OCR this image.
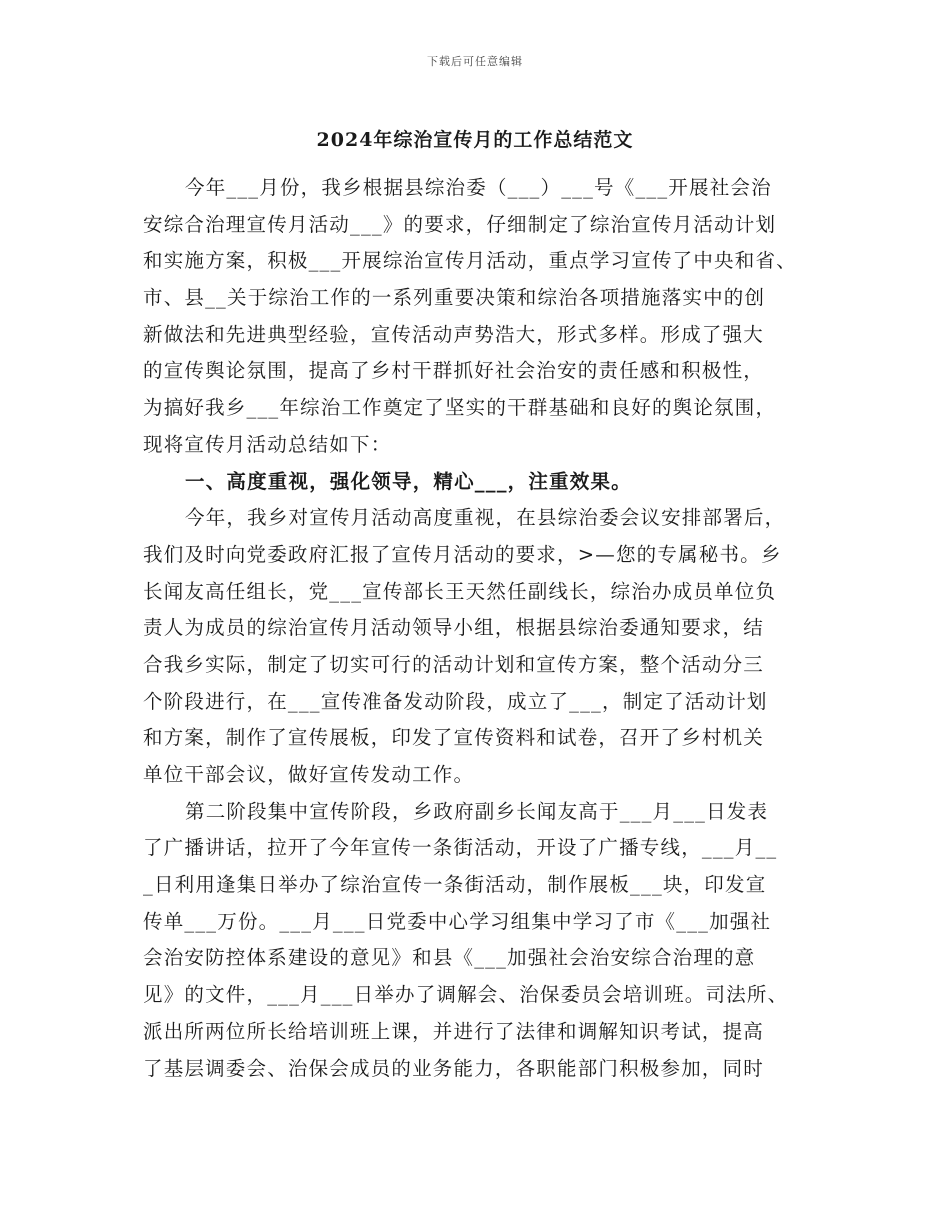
下载后可任意编辑
2024年综治宣传月的工作总结范文
今年___月份，我乡根据县综治委（___）___号《___开展社会治
安综合治理宣传月活动___》的要求，仔细制定了综治宣传月活动计划
和实施方案，积极___开展综治宣传月活动，重点学习宣传了中央和省、
市、县__关于综治工作的一系列重要决策和综治各项措施落实中的创
新做法和先进典型经验，宣传活动声势浩大，形式多样。形成了强大
的宣传舆论氛围，提高了乡村干群抓好社会治安的责任感和积极性，
为搞好我乡___年综治工作奠定了坚实的干群基础和良好的舆论氛围，
现将宣传月活动总结如下：
一、高度重视，强化领导，精心___，注重效果。
今年，我乡对宣传月活动高度重视，在县综治委会议安排部署后，
我们及时向党委政府汇报了宣传月活动的要求，>—您的专属秘书。乡
长闻友高任组长，党___宣传部长王天然任副线长，综治办成员单位负
责人为成员的综治宣传月活动领导小组，根据县综治委通知要求，结
合我乡实际，制定了切实可行的活动计划和宣传方案，整个活动分三
个阶段进行，在___宣传准备发动阶段，成立了___，制定了活动计划
和方案，制作了宣传展板，印发了宣传资料和试卷，召开了乡村机关
单位干部会议，做好宣传发动工作。
第二阶段集中宣传阶段，乡政府副乡长闻友高于___月___日发表
了广播讲话，拉开了今年宣传一条街活动，开设了广播专线，___月__
_日利用逢集日举办了综治宣传一条街活动，制作展板___块，印发宣
传单___万份。___月___日党委中心学习组集中学习了市《___加强社
会治安防控体系建设的意见》和县《___加强社会治安综合治理的意
见》的文件，___月___日举办了调解会、治保委员会培训班。司法所、
派出所两位所长给培训班上课，并进行了法律和调解知识考试，提高
了基层调委会、治保会成员的业务能力，各职能部门积极参加，同时
